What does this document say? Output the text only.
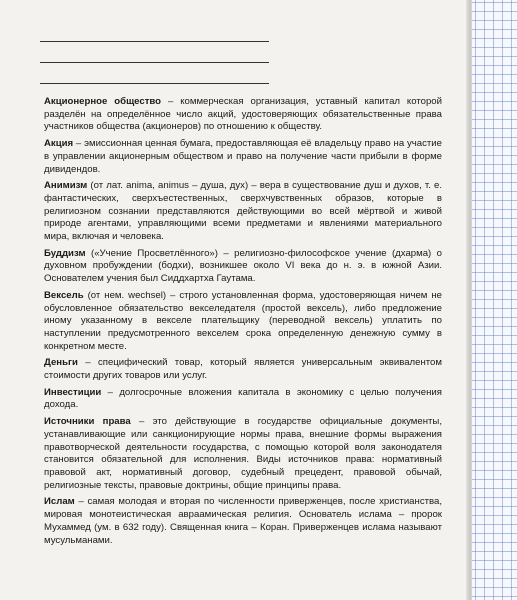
Акционерное общество – коммерческая организация, уставный капитал которой разделён на определённое число акций, удостоверяющих обязательственные права участников общества (акционеров) по отношению к обществу.

Акция – эмиссионная ценная бумага, предоставляющая её владельцу право на участие в управлении акционерным обществом и право на получение части прибыли в форме дивидендов.

Анимизм (от лат. anima, animus – душа, дух) – вера в существование душ и духов, т. е. фантастических, сверхъестественных, сверхчувственных образов, которые в религиозном сознании представляются действующими во всей мёртвой и живой природе агентами, управляющими всеми предметами и явлениями материального мира, включая и человека.

Буддизм («Учение Просветлённого») – религиозно-философское учение (дхарма) о духовном пробуждении (бодхи), возникшее около VI века до н. э. в южной Азии. Основателем учения был Сиддхартха Гаутама.

Вексель (от нем. wechsel) – строго установленная форма, удостоверяющая ничем не обусловленное обязательство векселедателя (простой вексель), либо предложение иному указанному в векселе плательщику (переводной вексель) уплатить по наступлении предусмотренного векселем срока определенную денежную сумму в конкретном месте.

Деньги – специфический товар, который является универсальным эквивалентом стоимости других товаров или услуг.

Инвестиции – долгосрочные вложения капитала в экономику с целью получения дохода.

Источники права – это действующие в государстве официальные документы, устанавливающие или санкционирующие нормы права, внешние формы выражения правотворческой деятельности государства, с помощью которой воля законодателя становится обязательной для исполнения. Виды источников права: нормативный правовой акт, нормативный договор, судебный прецедент, правовой обычай, религиозные тексты, правовые доктрины, общие принципы права.

Ислам – самая молодая и вторая по численности приверженцев, после христианства, мировая монотеистическая авраамическая религия. Основатель ислама – пророк Мухаммед (ум. в 632 году). Священная книга – Коран. Приверженцев ислама называют мусульманами.
